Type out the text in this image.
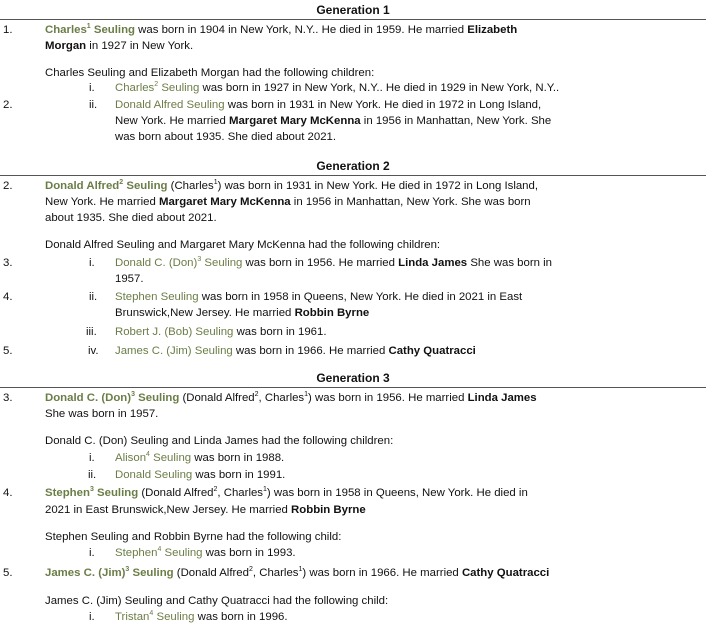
Generation 1
1.	Charles$^1$ Seuling was born in 1904 in New York, N.Y.. He died in 1959. He married Elizabeth
Morgan in 1927 in New York.
Charles Seuling and Elizabeth Morgan had the following children:
i. Charles$^2$ Seuling was born in 1927 in New York, N.Y.. He died in 1929 in New York, N.Y..
2.	ii. Donald Alfred Seuling was born in 1931 in New York. He died in 1972 in Long Island,
New York. He married Margaret Mary McKenna in 1956 in Manhattan, New York. She
was born about 1935. She died about 2021.
Generation 2
2.	Donald Alfred$^2$ Seuling (Charles$^1$) was born in 1931 in New York. He died in 1972 in Long Island,
New York. He married Margaret Mary McKenna in 1956 in Manhattan, New York. She was born
about 1935. She died about 2021.
Donald Alfred Seuling and Margaret Mary McKenna had the following children:
3.	i. Donald C. (Don)$^3$ Seuling was born in 1956. He married Linda James She was born in
1957.
4.	ii. Stephen Seuling was born in 1958 in Queens, New York. He died in 2021 in East
Brunswick,New Jersey. He married Robbin Byrne
iii. Robert J. (Bob) Seuling was born in 1961.
5.	iv. James C. (Jim) Seuling was born in 1966. He married Cathy Quatracci
Generation 3
3.	Donald C. (Don)$^3$ Seuling (Donald Alfred$^2$, Charles$^1$) was born in 1956. He married Linda James
She was born in 1957.
Donald C. (Don) Seuling and Linda James had the following children:
i. Alison$^4$ Seuling was born in 1988.
ii. Donald Seuling was born in 1991.
4.	Stephen$^3$ Seuling (Donald Alfred$^2$, Charles$^1$) was born in 1958 in Queens, New York. He died in
2021 in East Brunswick,New Jersey. He married Robbin Byrne
Stephen Seuling and Robbin Byrne had the following child:
i. Stephen$^4$ Seuling was born in 1993.
5.	James C. (Jim)$^3$ Seuling (Donald Alfred$^2$, Charles$^1$) was born in 1966. He married Cathy Quatracci
James C. (Jim) Seuling and Cathy Quatracci had the following child:
i. Tristan$^4$ Seuling was born in 1996.
